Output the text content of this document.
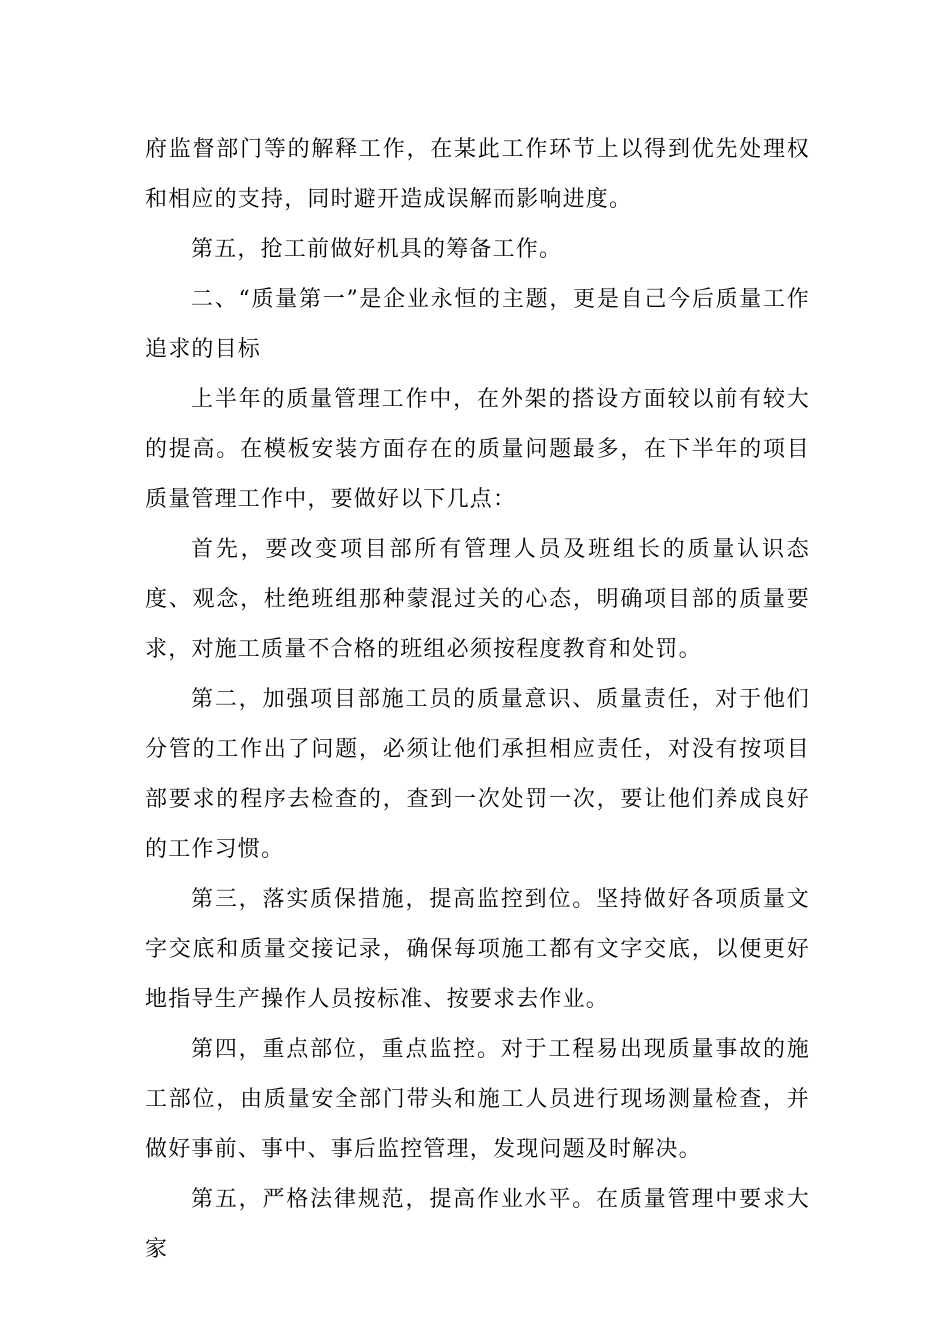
府监督部门等的解释工作，在某此工作环节上以得到优先处理权和相应的支持，同时避开造成误解而影响进度。

第五，抢工前做好机具的筹备工作。

二、“质量第一”是企业永恒的主题，更是自己今后质量工作追求的目标

上半年的质量管理工作中，在外架的搭设方面较以前有较大的提高。在模板安装方面存在的质量问题最多，在下半年的项目质量管理工作中，要做好以下几点：

首先，要改变项目部所有管理人员及班组长的质量认识态度、观念，杜绝班组那种蒙混过关的心态，明确项目部的质量要求，对施工质量不合格的班组必须按程度教育和处罚。

第二，加强项目部施工员的质量意识、质量责任，对于他们分管的工作出了问题，必须让他们承担相应责任，对没有按项目部要求的程序去检查的，查到一次处罚一次，要让他们养成良好的工作习惯。

第三，落实质保措施，提高监控到位。坚持做好各项质量文字交底和质量交接记录，确保每项施工都有文字交底，以便更好地指导生产操作人员按标准、按要求去作业。

第四，重点部位，重点监控。对于工程易出现质量事故的施工部位，由质量安全部门带头和施工人员进行现场测量检查，并做好事前、事中、事后监控管理，发现问题及时解决。

第五，严格法律规范，提高作业水平。在质量管理中要求大家
